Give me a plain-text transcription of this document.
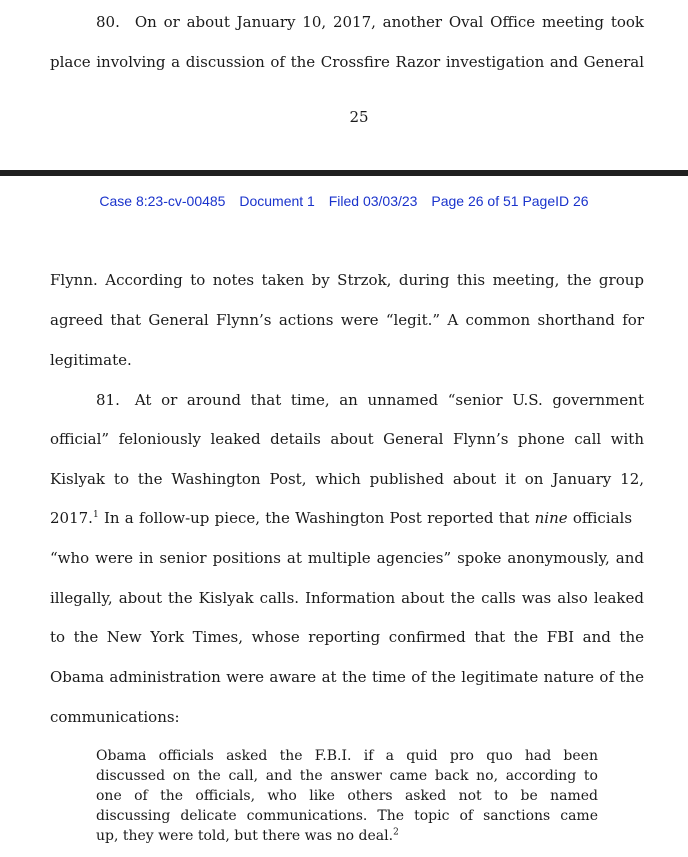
80. On or about January 10, 2017, another Oval Office meeting took
place involving a discussion of the Crossfire Razor investigation and General
25
Case 8:23-cv-00485 Document 1 Filed 03/03/23 Page 26 of 51 PageID 26
Flynn. According to notes taken by Strzok, during this meeting, the group
agreed that General Flynn’s actions were “legit.” A common shorthand for
legitimate.
81. At or around that time, an unnamed “senior U.S. government
official” feloniously leaked details about General Flynn’s phone call with
Kislyak to the Washington Post, which published about it on January 12,
2017.$^1$ In a follow-up piece, the Washington Post reported that nine officials
“who were in senior positions at multiple agencies” spoke anonymously, and
illegally, about the Kislyak calls. Information about the calls was also leaked
to the New York Times, whose reporting confirmed that the FBI and the
Obama administration were aware at the time of the legitimate nature of the
communications:
Obama officials asked the F.B.I. if a quid pro quo had been
discussed on the call, and the answer came back no, according to
one of the officials, who like others asked not to be named
discussing delicate communications. The topic of sanctions came
up, they were told, but there was no deal.$^2$
